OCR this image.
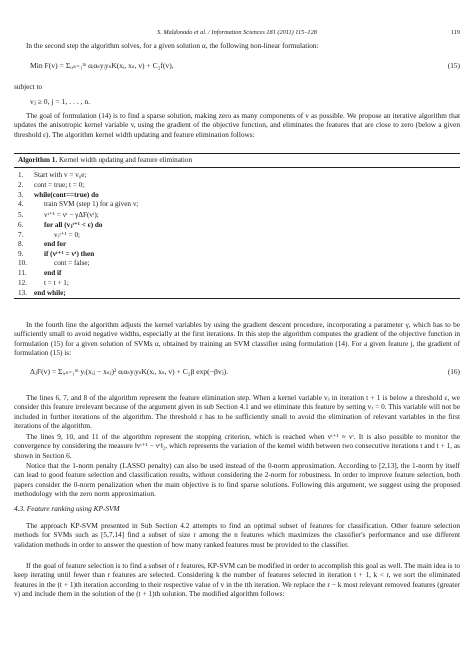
S. Maldonado et al. / Information Sciences 181 (2011) 115–128	119
In the second step the algorithm solves, for a given solution α, the following non-linear formulation:
Min F(v) = Σᵢ,ₛ₌₁ᵐ αᵢαₛyᵢyₛK(xᵢ, xₛ, v) + C₂f(v),	(15)
subject to
vⱼ ≥ 0, j = 1, . . . , n.
The goal of formulation (14) is to find a sparse solution, making zero as many components of v as possible. We propose an iterative algorithm that updates the anisotropic kernel variable v, using the gradient of the objective function, and eliminates the features that are close to zero (below a given threshold ε). The algorithm kernel width updating and feature elimination follows:
Algorithm 1. Kernel width updating and feature elimination
1. Start with v = v₀e;
2. cont = true; t = 0;
3. while(cont==true) do
4.	train SVM (step 1) for a given v;
5.	vᵗ⁺¹ = vᵗ − γΔF(vᵗ);
6.	for all (vⱼᵗ⁺¹ < ε) do
7.	vⱼᵗ⁺¹ = 0;
8.	end for
9.	if (vᵗ⁺¹ = vᵗ) then
10.	cont = false;
11. end if
12. t = t + 1;
13. end while;
In the fourth line the algorithm adjusts the kernel variables by using the gradient descent procedure, incorporating a parameter γ, which has to be sufficiently small to avoid negative widths, especially at the first iterations. In this step the algorithm computes the gradient of the objective function in formulation (15) for a given solution of SVMs α, obtained by training an SVM classifier using formulation (14). For a given feature j, the gradient of formulation (15) is:
ΔⱼF(v) = Σᵢ,ₛ₌₁ᵐ yᵢ(xᵢⱼ − xₛⱼ)² αᵢαₛyᵢyₛK(xᵢ, xₛ, v) + C₂β exp(−βvⱼ).	(16)
The lines 6, 7, and 8 of the algorithm represent the feature elimination step. When a kernel variable vⱼ in iteration t + 1 is below a threshold ε, we consider this feature irrelevant because of the argument given in sub Section 4.1 and we eliminate this feature by setting vⱼ = 0. This variable will not be included in further iterations of the algorithm. The threshold ε has to be sufficiently small to avoid the elimination of relevant variables in the first iterations of the algorithm.
The lines 9, 10, and 11 of the algorithm represent the stopping criterion, which is reached when vᵗ⁺¹ ≈ vᵗ. It is also possible to monitor the convergence by considering the measure ‖vᵗ⁺¹ − vᵗ‖₂, which represents the variation of the kernel width between two consecutive iterations t and t + 1, as shown in Section 6.
Notice that the 1-norm penalty (LASSO penalty) can also be used instead of the 0-norm approximation. According to [2,13], the 1-norm by itself can lead to good feature selection and classification results, without considering the 2-norm for robustness. In order to improve feature selection, both papers consider the 0-norm penalization when the main objective is to find sparse solutions. Following this argument, we suggest using the proposed methodology with the zero norm approximation.
4.3. Feature ranking using KP-SVM
The approach KP-SVM presented in Sub Section 4.2 attempts to find an optimal subset of features for classification. Other feature selection methods for SVMs such as [5,7,14] find a subset of size r among the n features which maximizes the classifier's performance and use different validation methods in order to answer the question of how many ranked features must be provided to the classifier.
If the goal of feature selection is to find a subset of r features, KP-SVM can be modified in order to accomplish this goal as well. The main idea is to keep iterating until fewer than r features are selected. Considering k the number of features selected in iteration t + 1, k < r, we sort the eliminated features in the (t + 1)th iteration according to their respective value of v in the tth iteration. We replace the r − k most relevant removed features (greater v) and include them in the solution of the (t + 1)th solution. The modified algorithm follows:
